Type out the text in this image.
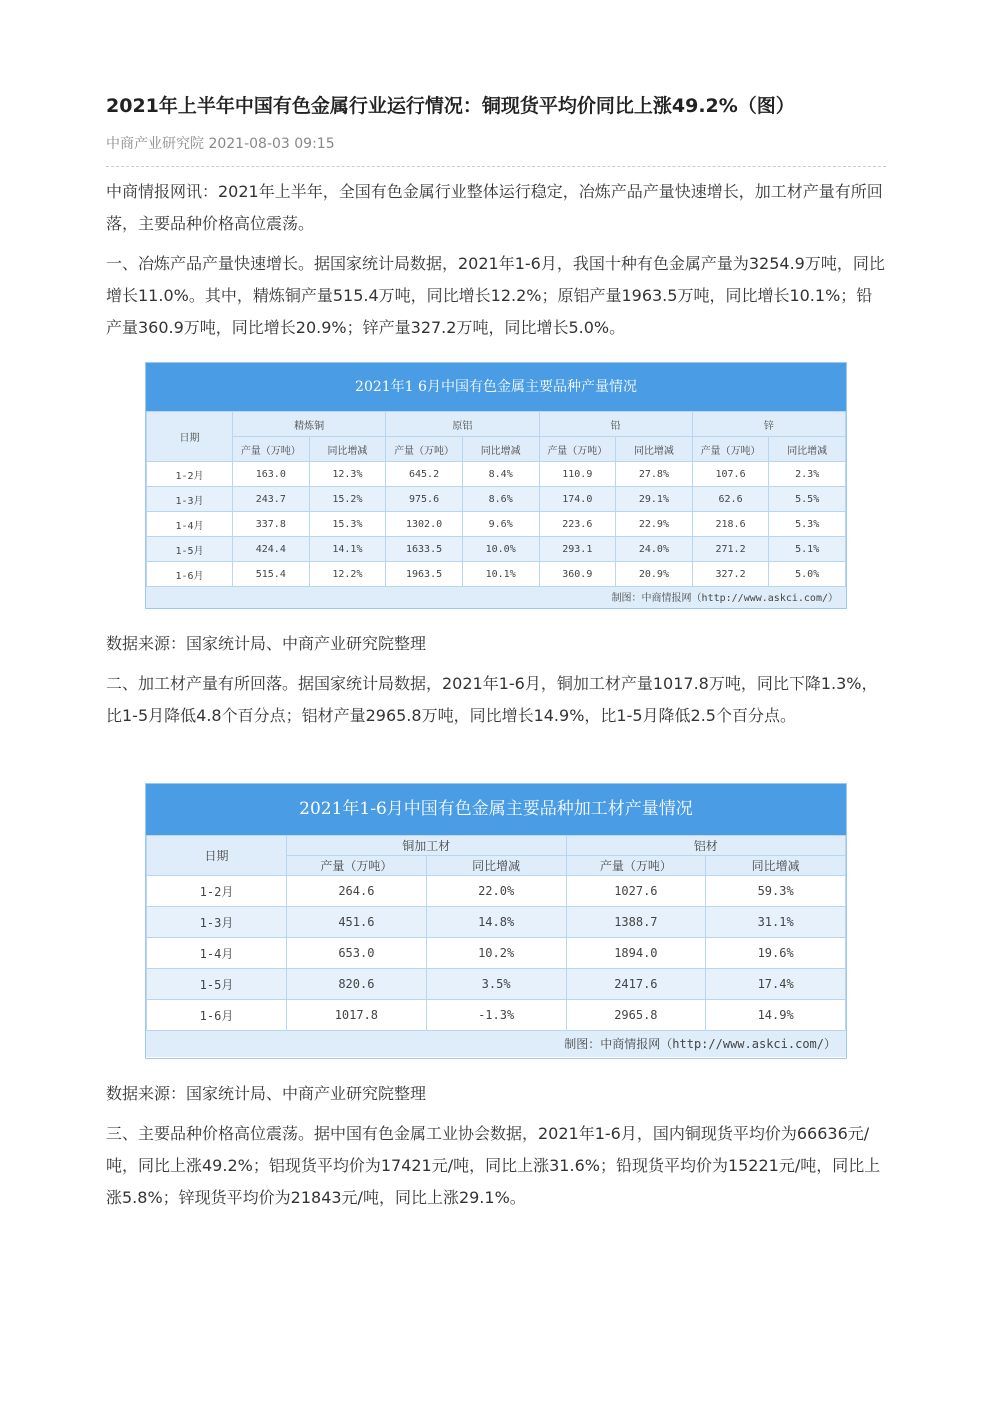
2021年上半年中国有色金属行业运行情况：铜现货平均价同比上涨49.2%（图）
中商产业研究院 2021-08-03 09:15

中商情报网讯：2021年上半年，全国有色金属行业整体运行稳定，冶炼产品产量快速增长，加工材产量有所回落，主要品种价格高位震荡。

一、冶炼产品产量快速增长。据国家统计局数据，2021年1-6月，我国十种有色金属产量为3254.9万吨，同比增长11.0%。其中，精炼铜产量515.4万吨，同比增长12.2%；原铝产量1963.5万吨，同比增长10.1%；铅产量360.9万吨，同比增长20.9%；锌产量327.2万吨，同比增长5.0%。

2021年1 6月中国有色金属主要品种产量情况
日期	精炼铜		原铝		铅		锌	
	产量（万吨）	同比增减	产量（万吨）	同比增减	产量（万吨）	同比增减	产量（万吨）	同比增减
1-2月	163.0	12.3%	645.2	8.4%	110.9	27.8%	107.6	2.3%
1-3月	243.7	15.2%	975.6	8.6%	174.0	29.1%	62.6	5.5%
1-4月	337.8	15.3%	1302.0	9.6%	223.6	22.9%	218.6	5.3%
1-5月	424.4	14.1%	1633.5	10.0%	293.1	24.0%	271.2	5.1%
1-6月	515.4	12.2%	1963.5	10.1%	360.9	20.9%	327.2	5.0%
制图：中商情报网（http://www.askci.com/）
数据来源：国家统计局、中商产业研究院整理

二、加工材产量有所回落。据国家统计局数据，2021年1-6月，铜加工材产量1017.8万吨，同比下降1.3%，比1-5月降低4.8个百分点；铝材产量2965.8万吨，同比增长14.9%，比1-5月降低2.5个百分点。

2021年1-6月中国有色金属主要品种加工材产量情况
日期	铜加工材		铝材	
	产量（万吨）	同比增减	产量（万吨）	同比增减
1-2月	264.6	22.0%	1027.6	59.3%
1-3月	451.6	14.8%	1388.7	31.1%
1-4月	653.0	10.2%	1894.0	19.6%
1-5月	820.6	3.5%	2417.6	17.4%
1-6月	1017.8	-1.3%	2965.8	14.9%
制图：中商情报网（http://www.askci.com/）
数据来源：国家统计局、中商产业研究院整理

三、主要品种价格高位震荡。据中国有色金属工业协会数据，2021年1-6月，国内铜现货平均价为66636元/吨，同比上涨49.2%；铝现货平均价为17421元/吨，同比上涨31.6%；铅现货平均价为15221元/吨，同比上涨5.8%；锌现货平均价为21843元/吨，同比上涨29.1%。
